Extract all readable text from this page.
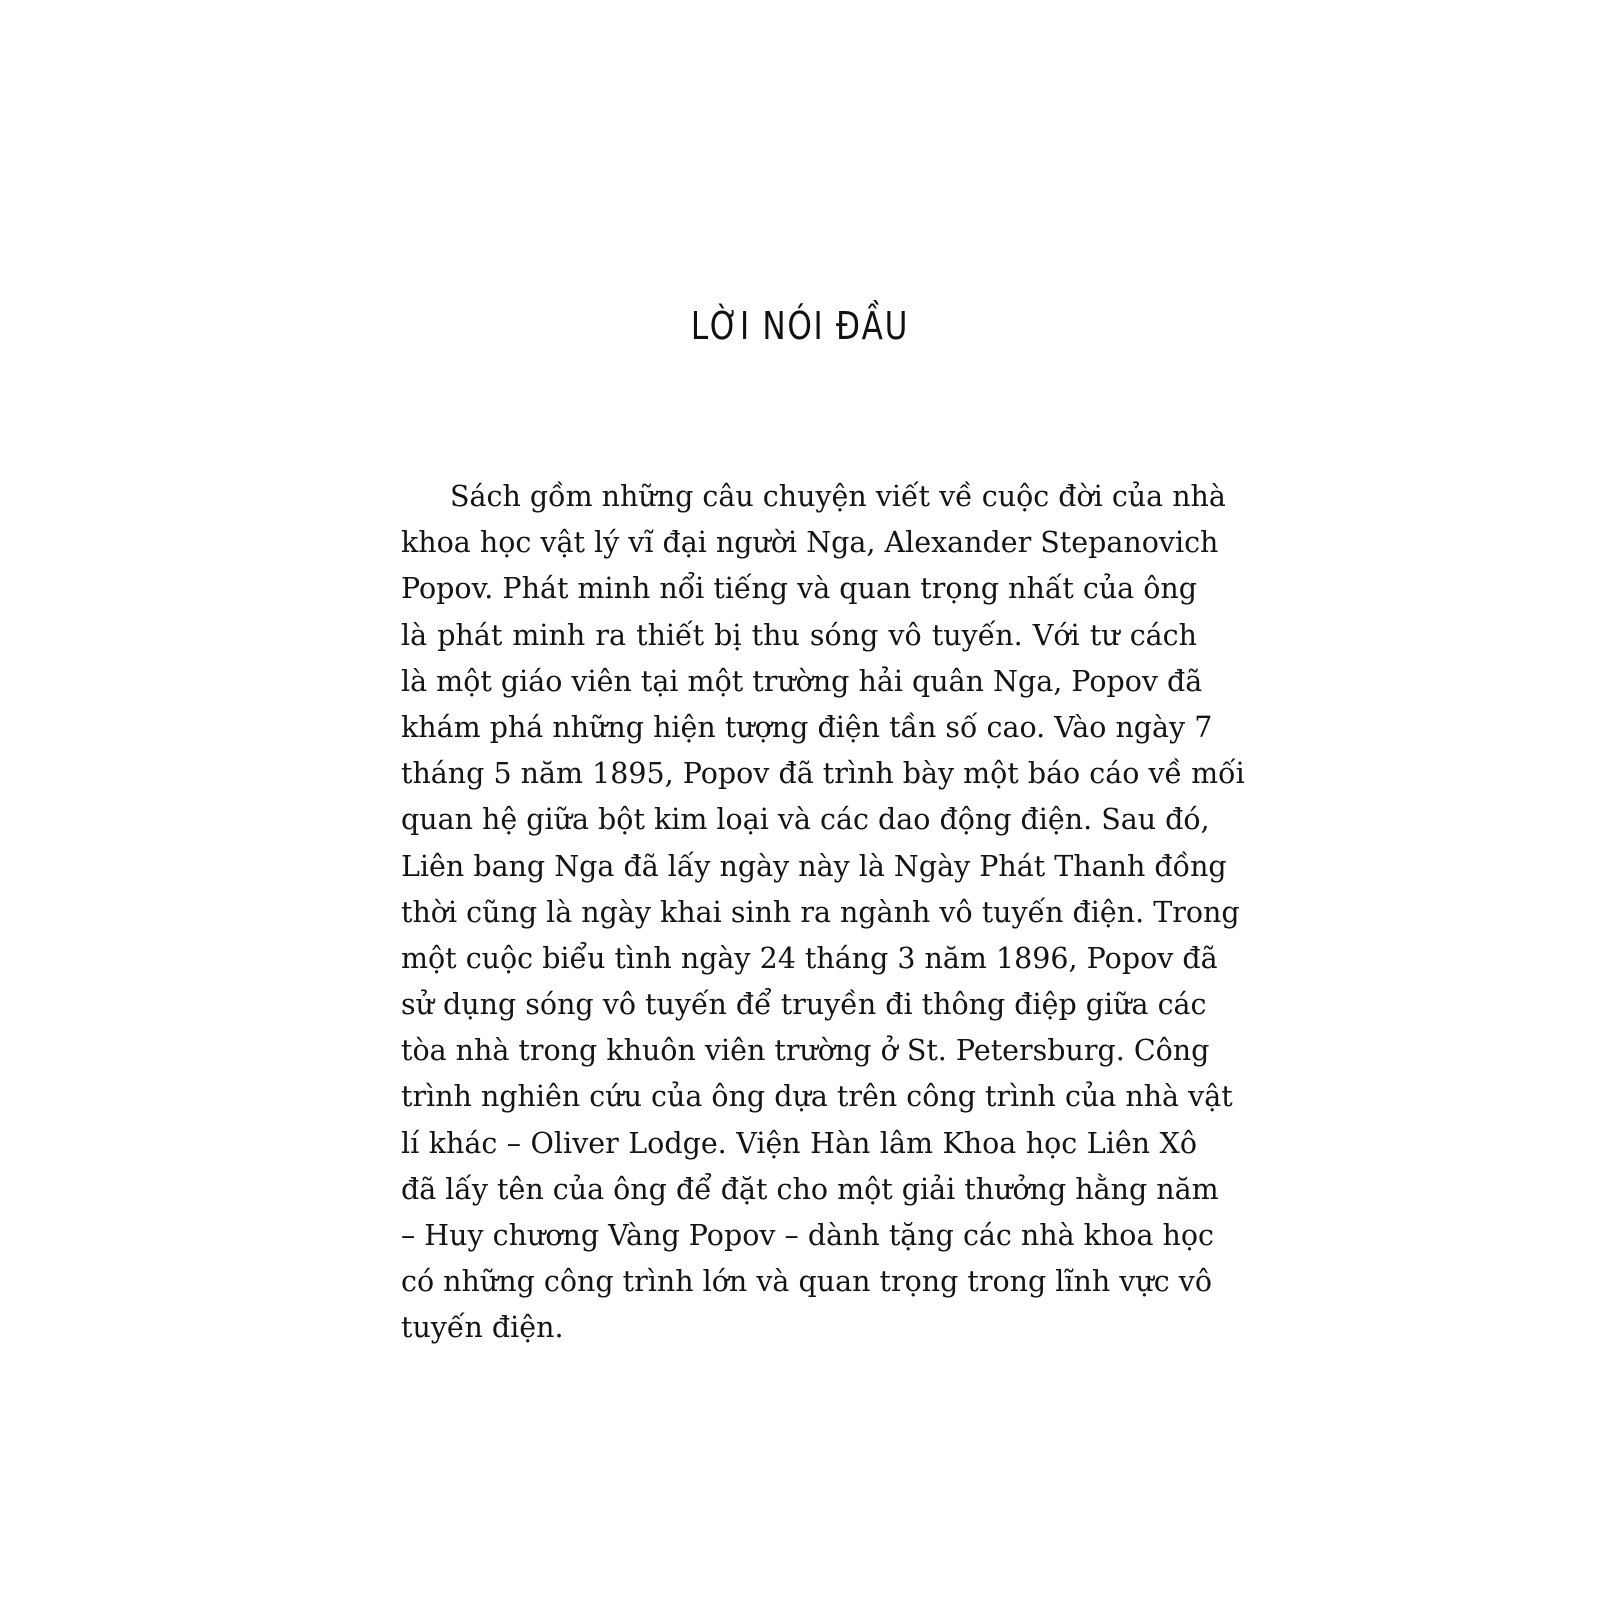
LỜI NÓI ĐẦU
Sách gồm những câu chuyện viết về cuộc đời của nhà
khoa học vật lý vĩ đại người Nga, Alexander Stepanovich
Popov. Phát minh nổi tiếng và quan trọng nhất của ông
là phát minh ra thiết bị thu sóng vô tuyến. Với tư cách
là một giáo viên tại một trường hải quân Nga, Popov đã
khám phá những hiện tượng điện tần số cao. Vào ngày 7
tháng 5 năm 1895, Popov đã trình bày một báo cáo về mối
quan hệ giữa bột kim loại và các dao động điện. Sau đó,
Liên bang Nga đã lấy ngày này là Ngày Phát Thanh đồng
thời cũng là ngày khai sinh ra ngành vô tuyến điện. Trong
một cuộc biểu tình ngày 24 tháng 3 năm 1896, Popov đã
sử dụng sóng vô tuyến để truyền đi thông điệp giữa các
tòa nhà trong khuôn viên trường ở St. Petersburg. Công
trình nghiên cứu của ông dựa trên công trình của nhà vật
lí khác – Oliver Lodge. Viện Hàn lâm Khoa học Liên Xô
đã lấy tên của ông để đặt cho một giải thưởng hằng năm
– Huy chương Vàng Popov – dành tặng các nhà khoa học
có những công trình lớn và quan trọng trong lĩnh vực vô
tuyến điện.
